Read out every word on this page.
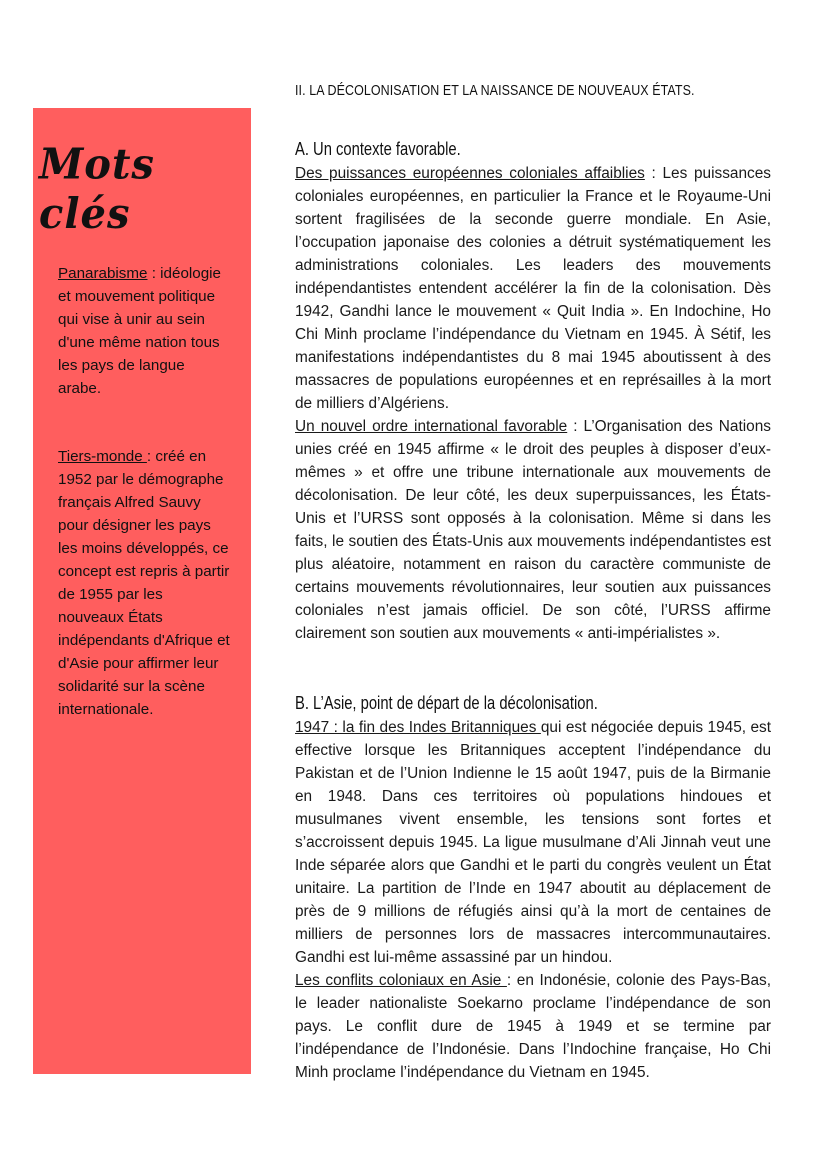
Mots clés
Panarabisme : idéologie et mouvement politique qui vise à unir au sein d'une même nation tous les pays de langue arabe.
Tiers-monde : créé en 1952 par le démographe français Alfred Sauvy pour désigner les pays les moins développés, ce concept est repris à partir de 1955 par les nouveaux États indépendants d'Afrique et d'Asie pour affirmer leur solidarité sur la scène internationale.
II. LA DÉCOLONISATION ET LA NAISSANCE DE NOUVEAUX ÉTATS.
A. Un contexte favorable.
Des puissances européennes coloniales affaiblies : Les puissances coloniales européennes, en particulier la France et le Royaume-Uni sortent fragilisées de la seconde guerre mondiale. En Asie, l’occupation japonaise des colonies a détruit systématiquement les administrations coloniales. Les leaders des mouvements indépendantistes entendent accélérer la fin de la colonisation. Dès 1942, Gandhi lance le mouvement « Quit India ». En Indochine, Ho Chi Minh proclame l’indépendance du Vietnam en 1945. À Sétif, les manifestations indépendantistes du 8 mai 1945 aboutissent à des massacres de populations européennes et en représailles à la mort de milliers d’Algériens.
Un nouvel ordre international favorable : L’Organisation des Nations unies créé en 1945 affirme « le droit des peuples à disposer d’eux-mêmes » et offre une tribune internationale aux mouvements de décolonisation. De leur côté, les deux superpuissances, les États-Unis et l’URSS sont opposés à la colonisation. Même si dans les faits, le soutien des États-Unis aux mouvements indépendantistes est plus aléatoire, notamment en raison du caractère communiste de certains mouvements révolutionnaires, leur soutien aux puissances coloniales n’est jamais officiel. De son côté, l’URSS affirme clairement son soutien aux mouvements « anti-impérialistes ».
B. L’Asie, point de départ de la décolonisation.
1947 : la fin des Indes Britanniques qui est négociée depuis 1945, est effective lorsque les Britanniques acceptent l’indépendance du Pakistan et de l’Union Indienne le 15 août 1947, puis de la Birmanie en 1948. Dans ces territoires où populations hindoues et musulmanes vivent ensemble, les tensions sont fortes et s’accroissent depuis 1945. La ligue musulmane d’Ali Jinnah veut une Inde séparée alors que Gandhi et le parti du congrès veulent un État unitaire. La partition de l’Inde en 1947 aboutit au déplacement de près de 9 millions de réfugiés ainsi qu’à la mort de centaines de milliers de personnes lors de massacres intercommunautaires. Gandhi est lui-même assassiné par un hindou.
Les conflits coloniaux en Asie : en Indonésie, colonie des Pays-Bas, le leader nationaliste Soekarno proclame l’indépendance de son pays. Le conflit dure de 1945 à 1949 et se termine par l’indépendance de l’Indonésie. Dans l’Indochine française, Ho Chi Minh proclame l’indépendance du Vietnam en 1945.
